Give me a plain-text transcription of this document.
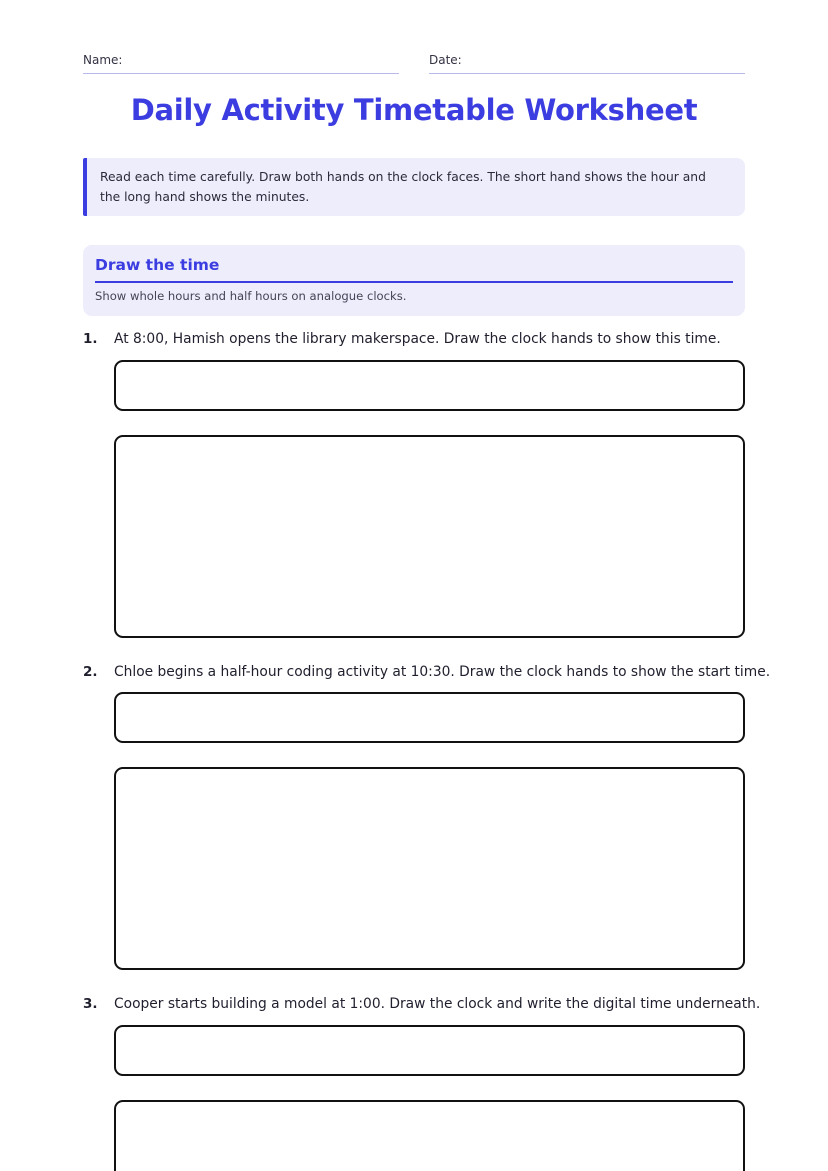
Name:	Date:
Daily Activity Timetable Worksheet
Read each time carefully. Draw both hands on the clock faces. The short hand shows the hour and the long hand shows the minutes.
Draw the time
Show whole hours and half hours on analogue clocks.
1. At 8:00, Hamish opens the library makerspace. Draw the clock hands to show this time.
2. Chloe begins a half-hour coding activity at 10:30. Draw the clock hands to show the start time.
3. Cooper starts building a model at 1:00. Draw the clock and write the digital time underneath.
